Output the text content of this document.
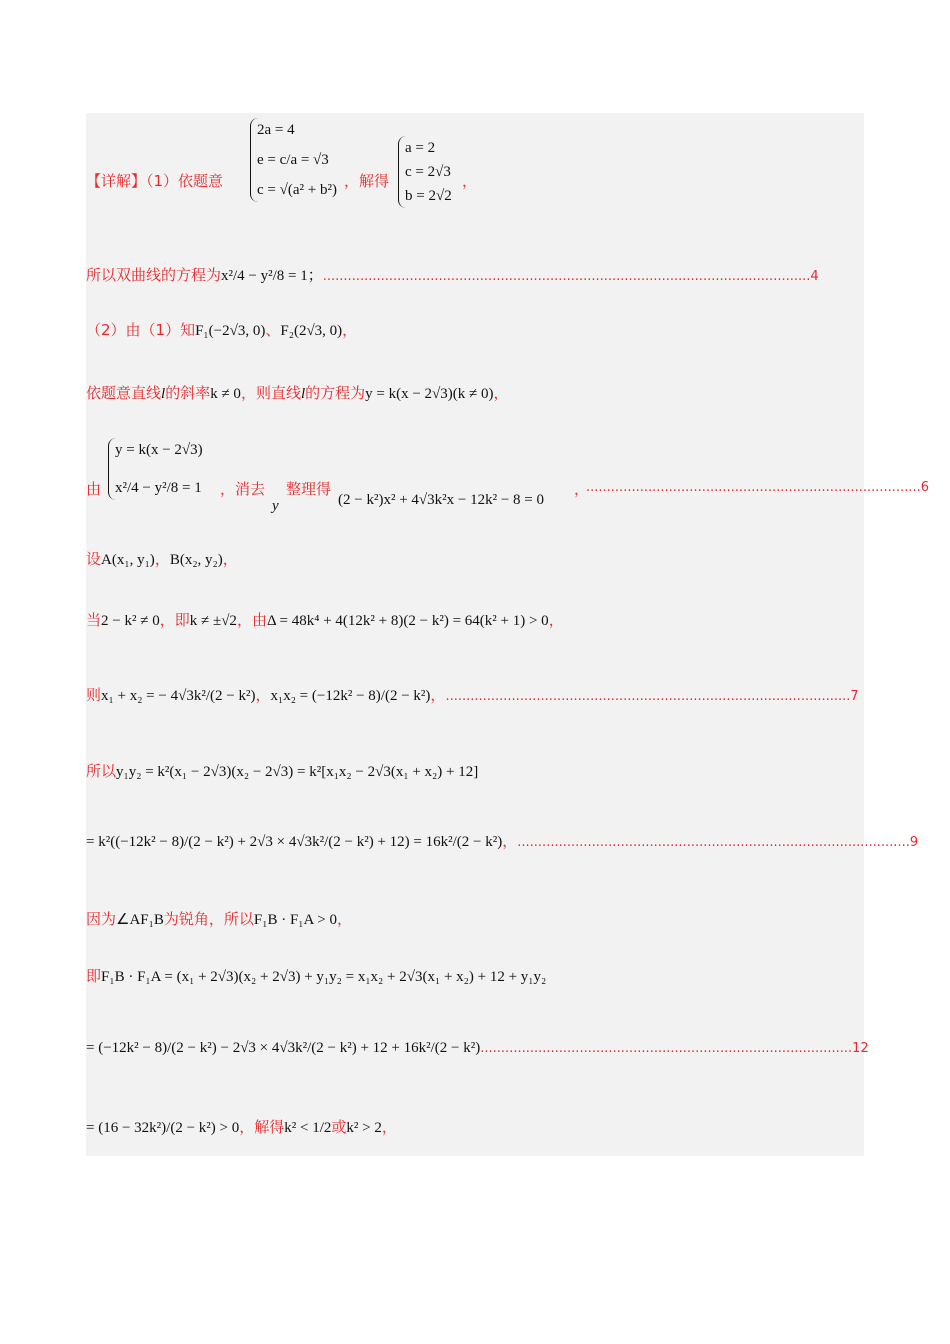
【详解】（1）依题意
2a = 4
e = c/a = √3
c = √(a² + b²) ，解得
a = 2
c = 2√3
b = 2√2
，
所以双曲线的方程为x²/4 − y²/8 = 1；......................................................................................................................4
（2）由（1）知F₁(−2√3, 0)、F₂(2√3, 0)，
依题意直线l的斜率k ≠ 0，则直线l的方程为y = k(x − 2√3)(k ≠ 0)，
由
y = k(x − 2√3)
x²/4 − y²/8 = 1	，消去
y
整理得
(2 − k²)x² + 4√3k²x − 12k² − 8 = 0
，
.................................................................................6
设A(x₁, y₁)，B(x₂, y₂)，
当2 − k² ≠ 0，即k ≠ ±√2，由Δ = 48k⁴ + 4(12k² + 8)(2 − k²) = 64(k² + 1) > 0，
则x₁ + x₂ = − 4√3k²/(2 − k²)，x₁x₂ = (−12k² − 8)/(2 − k²)，..................................................................................................7
所以y₁y₂ = k²(x₁ − 2√3)(x₂ − 2√3) = k²[x₁x₂ − 2√3(x₁ + x₂) + 12]
= k²((−12k² − 8)/(2 − k²) + 2√3 × 4√3k²/(2 − k²) + 12) = 16k²/(2 − k²)，...............................................................................................9
因为∠AF₁B为锐角，所以F₁B · F₁A > 0，
即F₁B · F₁A = (x₁ + 2√3)(x₂ + 2√3) + y₁y₂ = x₁x₂ + 2√3(x₁ + x₂) + 12 + y₁y₂
= (−12k² − 8)/(2 − k²) − 2√3 × 4√3k²/(2 − k²) + 12 + 16k²/(2 − k²)..........................................................................................12
= (16 − 32k²)/(2 − k²) > 0，解得k² < 1/2或k² > 2，
